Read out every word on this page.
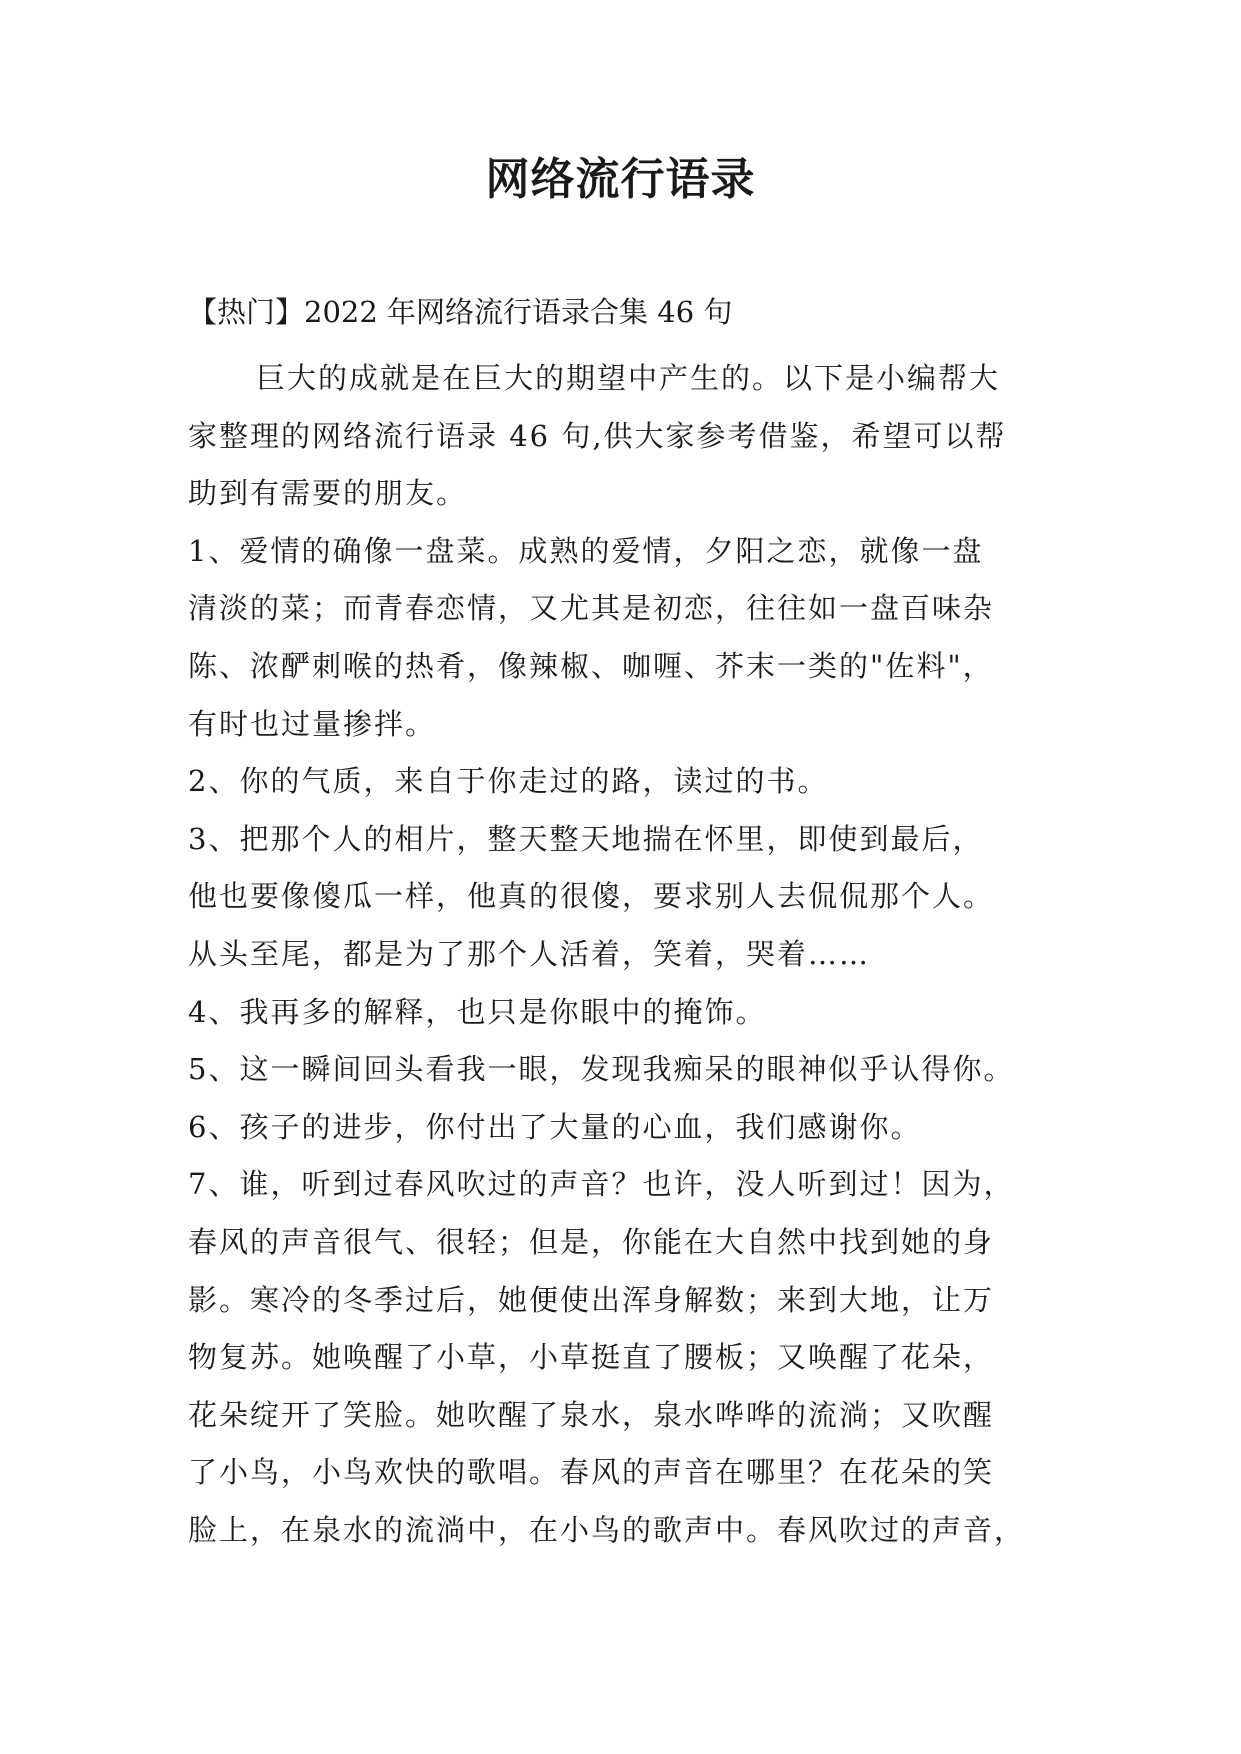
网络流行语录
【热门】2022 年网络流行语录合集 46 句
巨大的成就是在巨大的期望中产生的。以下是小编帮大
家整理的网络流行语录 46 句,供大家参考借鉴，希望可以帮
助到有需要的朋友。
1、爱情的确像一盘菜。成熟的爱情，夕阳之恋，就像一盘
清淡的菜；而青春恋情，又尤其是初恋，往往如一盘百味杂
陈、浓酽刺喉的热肴，像辣椒、咖喱、芥末一类的"佐料"，
有时也过量掺拌。
2、你的气质，来自于你走过的路，读过的书。
3、把那个人的相片，整天整天地揣在怀里，即使到最后，
他也要像傻瓜一样，他真的很傻，要求别人去侃侃那个人。
从头至尾，都是为了那个人活着，笑着，哭着……
4、我再多的解释，也只是你眼中的掩饰。
5、这一瞬间回头看我一眼，发现我痴呆的眼神似乎认得你。
6、孩子的进步，你付出了大量的心血，我们感谢你。
7、谁，听到过春风吹过的声音？也许，没人听到过！因为，
春风的声音很气、很轻；但是，你能在大自然中找到她的身
影。寒冷的冬季过后，她便使出浑身解数；来到大地，让万
物复苏。她唤醒了小草，小草挺直了腰板；又唤醒了花朵，
花朵绽开了笑脸。她吹醒了泉水，泉水哗哗的流淌；又吹醒
了小鸟，小鸟欢快的歌唱。春风的声音在哪里？在花朵的笑
脸上，在泉水的流淌中，在小鸟的歌声中。春风吹过的声音，
